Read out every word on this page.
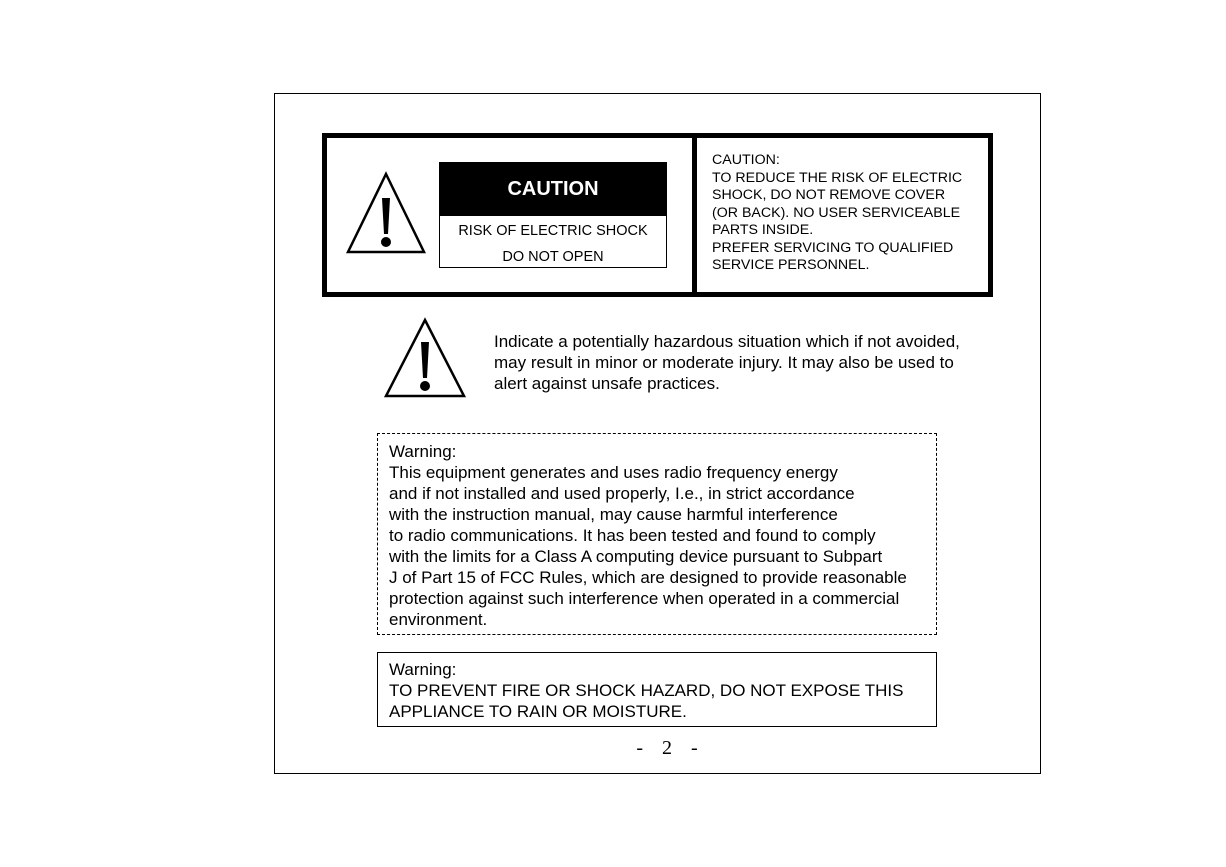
CAUTION
RISK OF ELECTRIC SHOCK
DO NOT OPEN
CAUTION:
TO REDUCE THE RISK OF ELECTRIC
SHOCK, DO NOT REMOVE COVER
(OR BACK). NO USER SERVICEABLE
PARTS INSIDE.
PREFER SERVICING TO QUALIFIED
SERVICE PERSONNEL.
Indicate a potentially hazardous situation which if not avoided,
may result in minor or moderate injury. It may also be used to
alert against unsafe practices.
Warning:
This equipment generates and uses radio frequency energy
and if not installed and used properly, I.e., in strict accordance
with the instruction manual, may cause harmful interference
to radio communications. It has been tested and found to comply
with the limits for a Class A computing device pursuant to Subpart
J of Part 15 of FCC Rules, which are designed to provide reasonable
protection against such interference when operated in a commercial
environment.
Warning:
TO PREVENT FIRE OR SHOCK HAZARD, DO NOT EXPOSE THIS
APPLIANCE TO RAIN OR MOISTURE.
- 2 -
